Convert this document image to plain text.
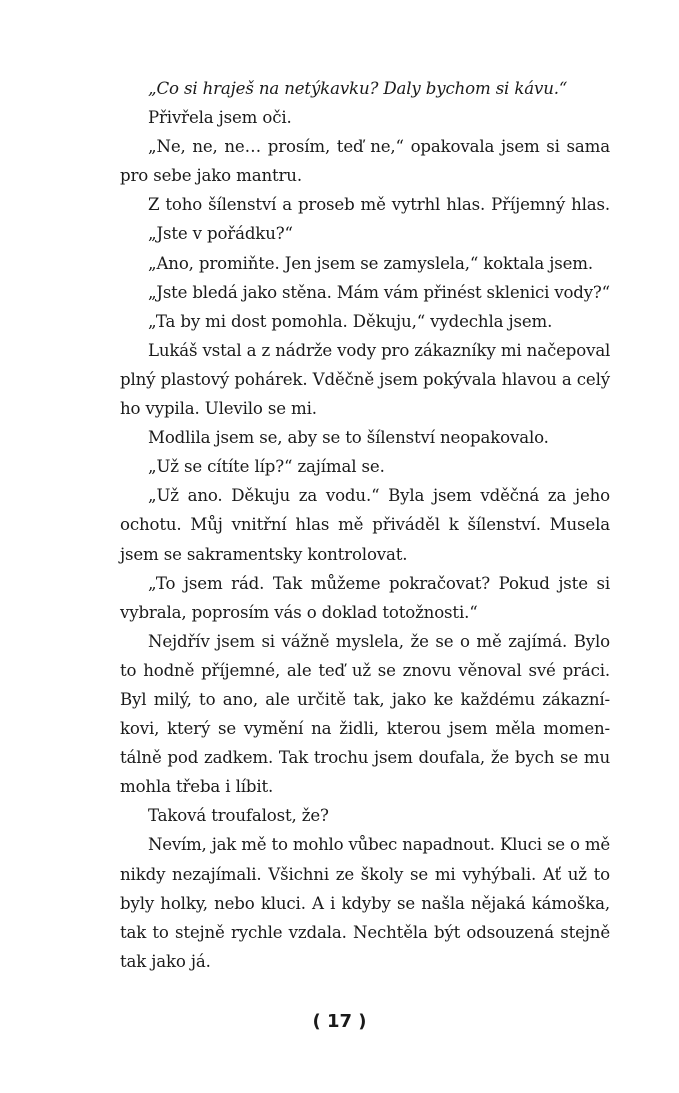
„Co si hraješ na netýkavku? Daly bychom si kávu.“
Přivřela jsem oči.
„Ne, ne, ne… prosím, teď ne,“ opakovala jsem si sama
pro sebe jako mantru.
Z toho šílenství a proseb mě vytrhl hlas. Příjemný hlas.
„Jste v pořádku?“
„Ano, promiňte. Jen jsem se zamyslela,“ koktala jsem.
„Jste bledá jako stěna. Mám vám přinést sklenici vody?“
„Ta by mi dost pomohla. Děkuju,“ vydechla jsem.
Lukáš vstal a z nádrže vody pro zákazníky mi načepoval
plný plastový pohárek. Vděčně jsem pokývala hlavou a celý
ho vypila. Ulevilo se mi.
Modlila jsem se, aby se to šílenství neopakovalo.
„Už se cítíte líp?“ zajímal se.
„Už ano. Děkuju za vodu.“ Byla jsem vděčná za jeho
ochotu. Můj vnitřní hlas mě přiváděl k šílenství. Musela
jsem se sakramentsky kontrolovat.
„To jsem rád. Tak můžeme pokračovat? Pokud jste si
vybrala, poprosím vás o doklad totožnosti.“
Nejdřív jsem si vážně myslela, že se o mě zajímá. Bylo
to hodně příjemné, ale teď už se znovu věnoval své práci.
Byl milý, to ano, ale určitě tak, jako ke každému zákazní-
kovi, který se vymění na židli, kterou jsem měla momen-
tálně pod zadkem. Tak trochu jsem doufala, že bych se mu
mohla třeba i líbit.
Taková troufalost, že?
Nevím, jak mě to mohlo vůbec napadnout. Kluci se o mě
nikdy nezajímali. Všichni ze školy se mi vyhýbali. Ať už to
byly holky, nebo kluci. A i kdyby se našla nějaká kámoška,
tak to stejně rychle vzdala. Nechtěla být odsouzená stejně
tak jako já.
( 17 )
